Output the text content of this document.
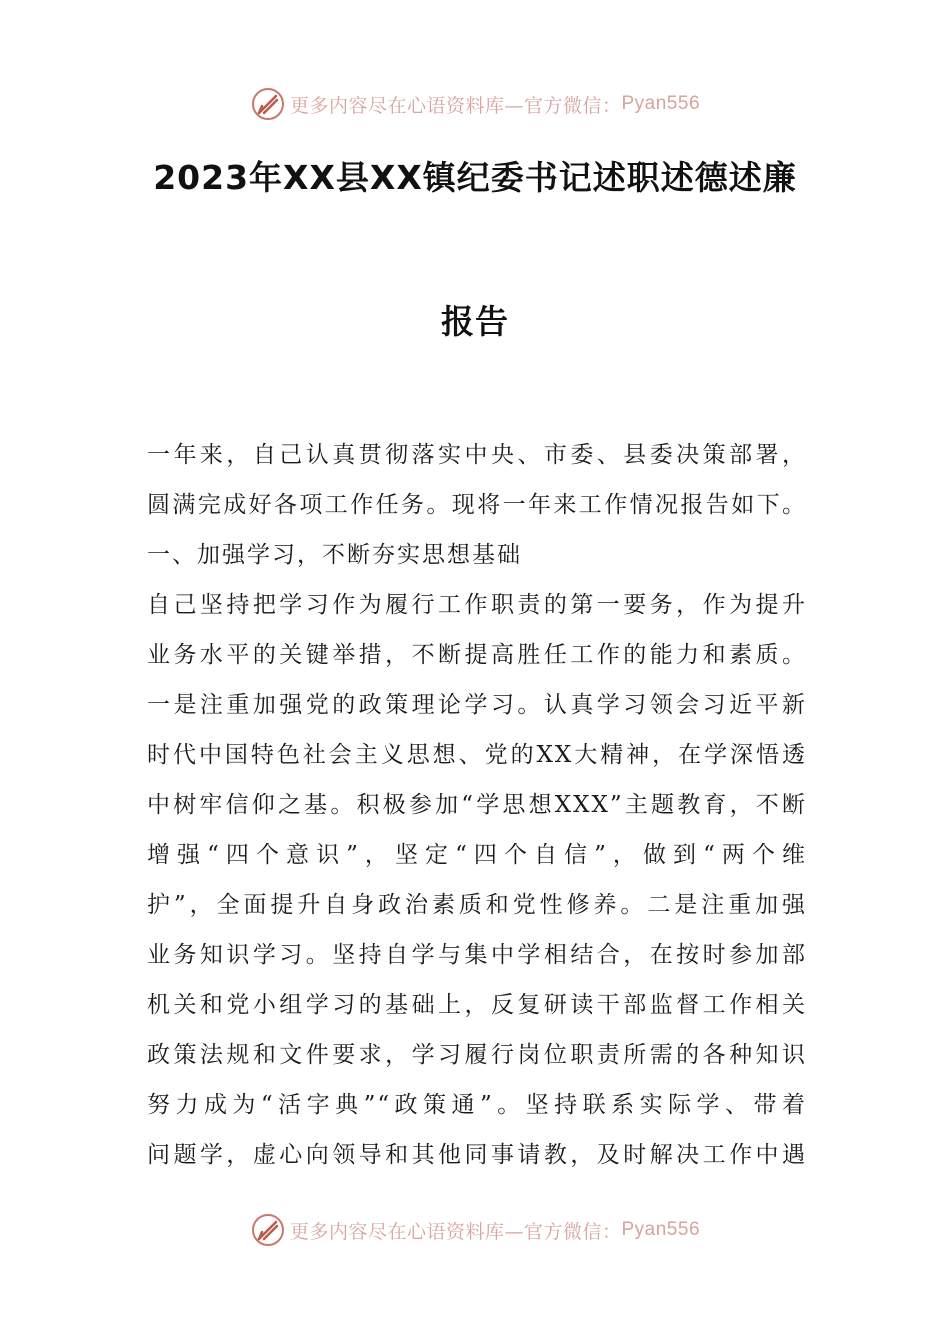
更多内容尽在心语资料库—官方微信： Pyan556
2023年XX县XX镇纪委书记述职述德述廉
报告

一年来，自己认真贯彻落实中央、市委、县委决策部署，

圆满完成好各项工作任务。现将一年来工作情况报告如下。

一、加强学习，不断夯实思想基础

自己坚持把学习作为履行工作职责的第一要务，作为提升

业务水平的关键举措，不断提高胜任工作的能力和素质。

一是注重加强党的政策理论学习。认真学习领会习近平新

时代中国特色社会主义思想、党的XX大精神，在学深悟透

中树牢信仰之基。积极参加“学思想XXX”主题教育，不断

增强“四个意识”，坚定“四个自信”，做到“两个维

护”，全面提升自身政治素质和党性修养。二是注重加强

业务知识学习。坚持自学与集中学相结合，在按时参加部

机关和党小组学习的基础上，反复研读干部监督工作相关

政策法规和文件要求，学习履行岗位职责所需的各种知识

努力成为“活字典”“政策通”。坚持联系实际学、带着

问题学，虚心向领导和其他同事请教，及时解决工作中遇

更多内容尽在心语资料库—官方微信： Pyan556
